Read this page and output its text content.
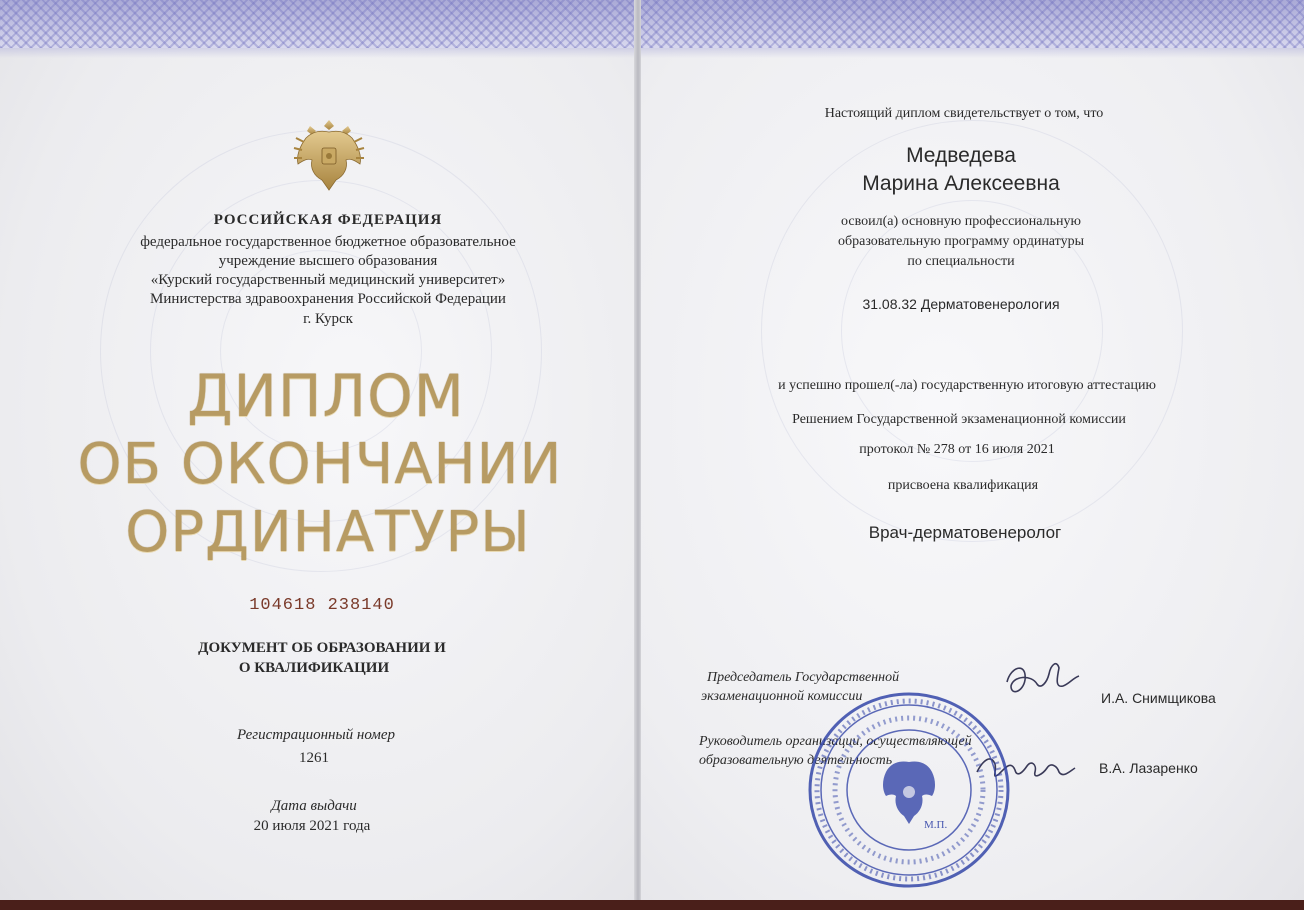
РОССИЙСКАЯ ФЕДЕРАЦИЯ
федеральное государственное бюджетное образовательное
учреждение высшего образования
«Курский государственный медицинский университет»
Министерства здравоохранения Российской Федерации
г. Курск
ДИПЛОМ
ОБ ОКОНЧАНИИ
ОРДИНАТУРЫ
104618 238140
ДОКУМЕНТ ОБ ОБРАЗОВАНИИ И
О КВАЛИФИКАЦИИ
Регистрационный номер
1261
Дата выдачи
20 июля 2021 года
Настоящий диплом свидетельствует о том, что
Медведева
Марина Алексеевна
освоил(а) основную профессиональную
образовательную программу ординатуры
по специальности
31.08.32 Дерматовенерология
и успешно прошел(-ла) государственную итоговую аттестацию
Решением Государственной экзаменационной комиссии
протокол № 278 от 16 июля 2021
присвоена квалификация
Врач-дерматовенеролог
Председатель Государственной
экзаменационной комиссии	И.А. Снимщикова
Руководитель организации, осуществляющей
образовательную деятельность	В.А. Лазаренко
М.П.
